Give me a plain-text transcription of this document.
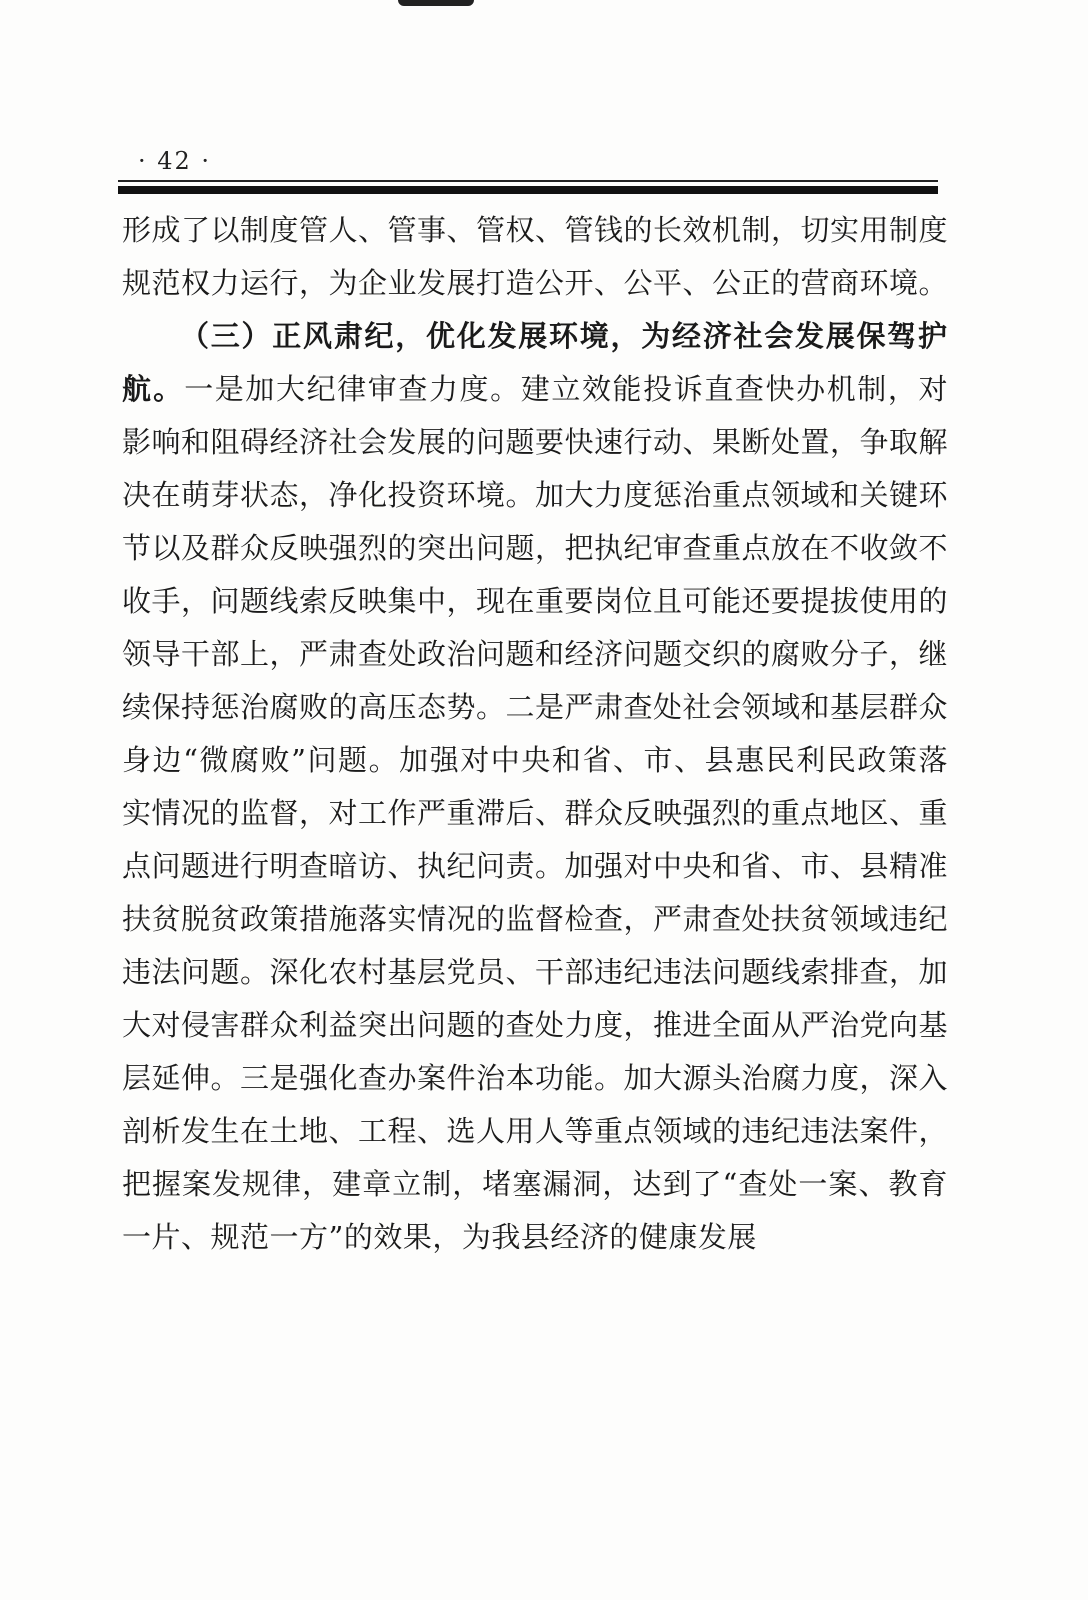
· 42 ·

形成了以制度管人、管事、管权、管钱的长效机制，切实用制度规范权力运行，为企业发展打造公开、公平、公正的营商环境。

（三）正风肃纪，优化发展环境，为经济社会发展保驾护航。一是加大纪律审查力度。建立效能投诉直查快办机制，对影响和阻碍经济社会发展的问题要快速行动、果断处置，争取解决在萌芽状态，净化投资环境。加大力度惩治重点领域和关键环节以及群众反映强烈的突出问题，把执纪审查重点放在不收敛不收手，问题线索反映集中，现在重要岗位且可能还要提拔使用的领导干部上，严肃查处政治问题和经济问题交织的腐败分子，继续保持惩治腐败的高压态势。二是严肃查处社会领域和基层群众身边“微腐败”问题。加强对中央和省、市、县惠民利民政策落实情况的监督，对工作严重滞后、群众反映强烈的重点地区、重点问题进行明查暗访、执纪问责。加强对中央和省、市、县精准扶贫脱贫政策措施落实情况的监督检查，严肃查处扶贫领域违纪违法问题。深化农村基层党员、干部违纪违法问题线索排查，加大对侵害群众利益突出问题的查处力度，推进全面从严治党向基层延伸。三是强化查办案件治本功能。加大源头治腐力度，深入剖析发生在土地、工程、选人用人等重点领域的违纪违法案件，把握案发规律，建章立制，堵塞漏洞，达到了“查处一案、教育一片、规范一方”的效果，为我县经济的健康发展
